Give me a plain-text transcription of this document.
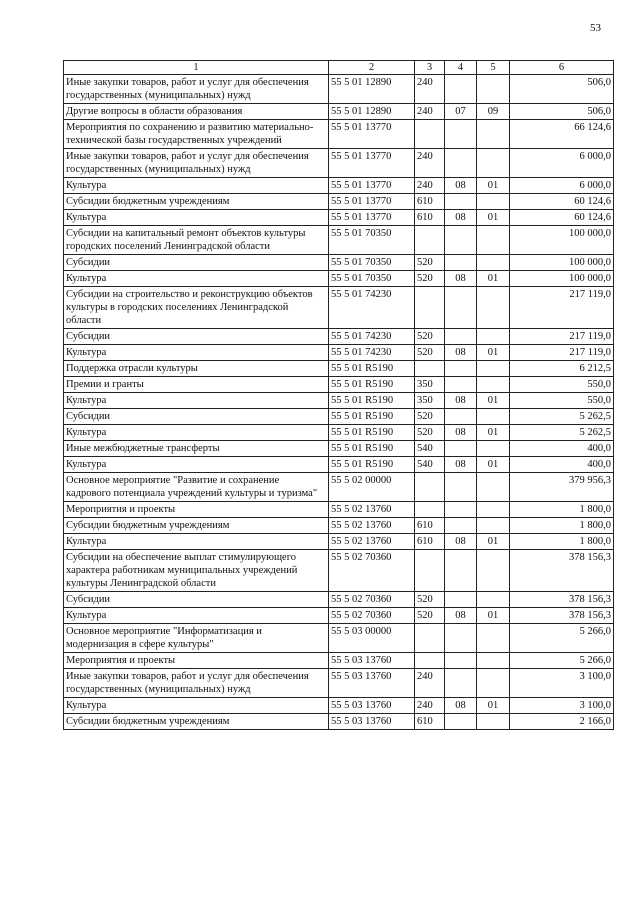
53
1	2	3	4	5	6
Иные закупки товаров, работ и услуг для обеспечения государственных (муниципальных) нужд	55 5 01 12890	240			506,0
Другие вопросы в области образования	55 5 01 12890	240	07	09	506,0
Мероприятия по сохранению и развитию материально-технической базы государственных учреждений	55 5 01 13770				66 124,6
Иные закупки товаров, работ и услуг для обеспечения государственных (муниципальных) нужд	55 5 01 13770	240			6 000,0
Культура	55 5 01 13770	240	08	01	6 000,0
Субсидии бюджетным учреждениям	55 5 01 13770	610			60 124,6
Культура	55 5 01 13770	610	08	01	60 124,6
Субсидии на капитальный ремонт объектов культуры городских поселений Ленинградской области	55 5 01 70350				100 000,0
Субсидии	55 5 01 70350	520			100 000,0
Культура	55 5 01 70350	520	08	01	100 000,0
Субсидии на строительство и реконструкцию объектов культуры в городских поселениях Ленинградской области	55 5 01 74230				217 119,0
Субсидии	55 5 01 74230	520			217 119,0
Культура	55 5 01 74230	520	08	01	217 119,0
Поддержка отрасли культуры	55 5 01 R5190				6 212,5
Премии и гранты	55 5 01 R5190	350			550,0
Культура	55 5 01 R5190	350	08	01	550,0
Субсидии	55 5 01 R5190	520			5 262,5
Культура	55 5 01 R5190	520	08	01	5 262,5
Иные межбюджетные трансферты	55 5 01 R5190	540			400,0
Культура	55 5 01 R5190	540	08	01	400,0
Основное мероприятие "Развитие и сохранение кадрового потенциала учреждений культуры и туризма"	55 5 02 00000				379 956,3
Мероприятия и проекты	55 5 02 13760				1 800,0
Субсидии бюджетным учреждениям	55 5 02 13760	610			1 800,0
Культура	55 5 02 13760	610	08	01	1 800,0
Субсидии на обеспечение выплат стимулирующего характера работникам муниципальных учреждений культуры Ленинградской области	55 5 02 70360				378 156,3
Субсидии	55 5 02 70360	520			378 156,3
Культура	55 5 02 70360	520	08	01	378 156,3
Основное мероприятие "Информатизация и модернизация в сфере культуры"	55 5 03 00000				5 266,0
Мероприятия и проекты	55 5 03 13760				5 266,0
Иные закупки товаров, работ и услуг для обеспечения государственных (муниципальных) нужд	55 5 03 13760	240			3 100,0
Культура	55 5 03 13760	240	08	01	3 100,0
Субсидии бюджетным учреждениям	55 5 03 13760	610			2 166,0
